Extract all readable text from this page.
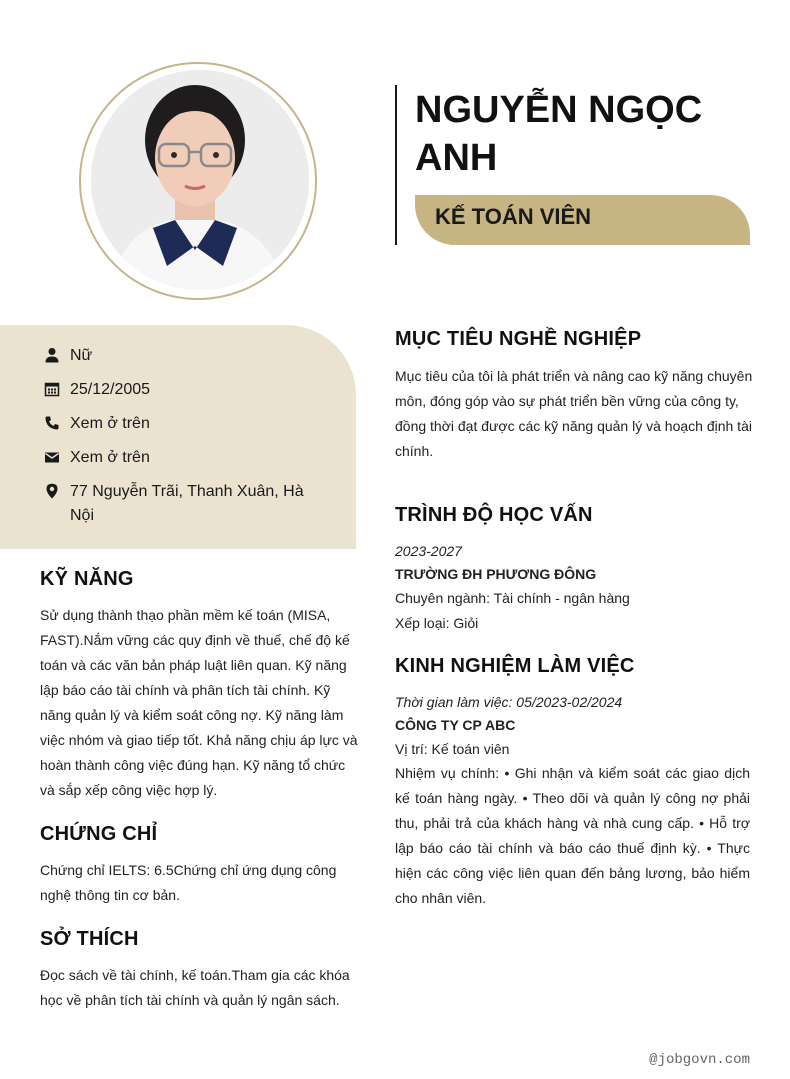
NGUYỄN NGỌC ANH
KẾ TOÁN VIÊN
Nữ
25/12/2005
Xem ở trên
Xem ở trên
77 Nguyễn Trãi, Thanh Xuân, Hà Nội
KỸ NĂNG
Sử dụng thành thạo phần mềm kế toán (MISA, FAST).Nắm vững các quy định về thuế, chế độ kế toán và các văn bản pháp luật liên quan. Kỹ năng lập báo cáo tài chính và phân tích tài chính. Kỹ năng quản lý và kiểm soát công nợ. Kỹ năng làm việc nhóm và giao tiếp tốt. Khả năng chịu áp lực và hoàn thành công việc đúng hạn. Kỹ năng tổ chức và sắp xếp công việc hợp lý.
CHỨNG CHỈ
Chứng chỉ IELTS: 6.5Chứng chỉ ứng dụng công nghệ thông tin cơ bản.
SỞ THÍCH
Đọc sách về tài chính, kế toán.Tham gia các khóa học về phân tích tài chính và quản lý ngân sách.
MỤC TIÊU NGHỀ NGHIỆP
Mục tiêu của tôi là phát triển và nâng cao kỹ năng chuyên môn, đóng góp vào sự phát triển bền vững của công ty, đồng thời đạt được các kỹ năng quản lý và hoạch định tài chính.
TRÌNH ĐỘ HỌC VẤN
2023-2027
TRƯỜNG ĐH PHƯƠNG ĐÔNG
Chuyên ngành: Tài chính - ngân hàng
Xếp loại: Giỏi
KINH NGHIỆM LÀM VIỆC
Thời gian làm việc: 05/2023-02/2024
CÔNG TY CP ABC
Vị trí: Kế toán viên
Nhiệm vụ chính: • Ghi nhận và kiểm soát các giao dịch kế toán hàng ngày. • Theo dõi và quản lý công nợ phải thu, phải trả của khách hàng và nhà cung cấp. • Hỗ trợ lập báo cáo tài chính và báo cáo thuế định kỳ. • Thực hiện các công việc liên quan đến bảng lương, bảo hiểm cho nhân viên.
@jobgovn.com
